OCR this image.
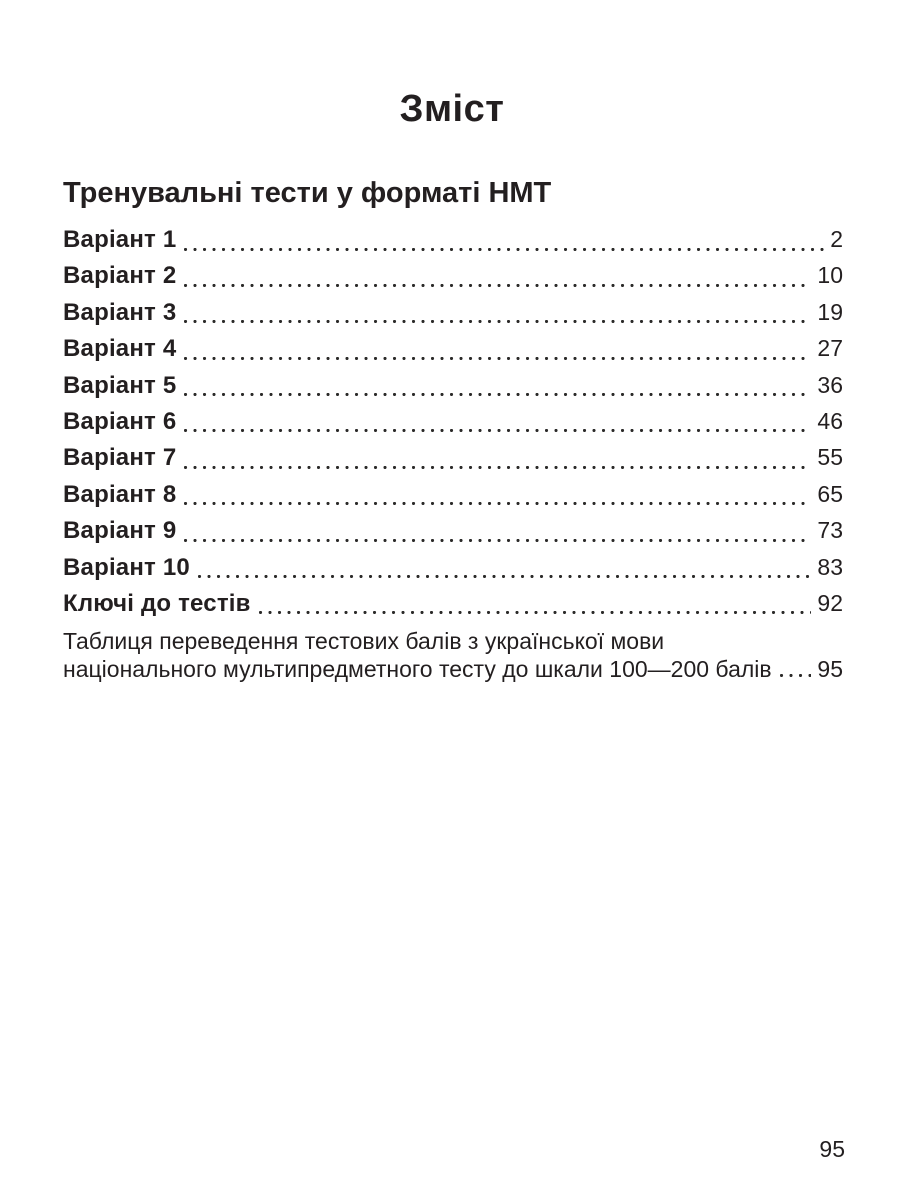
Зміст
Тренувальні тести у форматі НМТ
Варіант 1	2
Варіант 2	10
Варіант 3	19
Варіант 4	27
Варіант 5	36
Варіант 6	46
Варіант 7	55
Варіант 8	65
Варіант 9	73
Варіант 10	83
Ключі до тестів	92
Таблиця переведення тестових балів з української мови
національного мультипредметного тесту до шкали 100—200 балів 95
95
